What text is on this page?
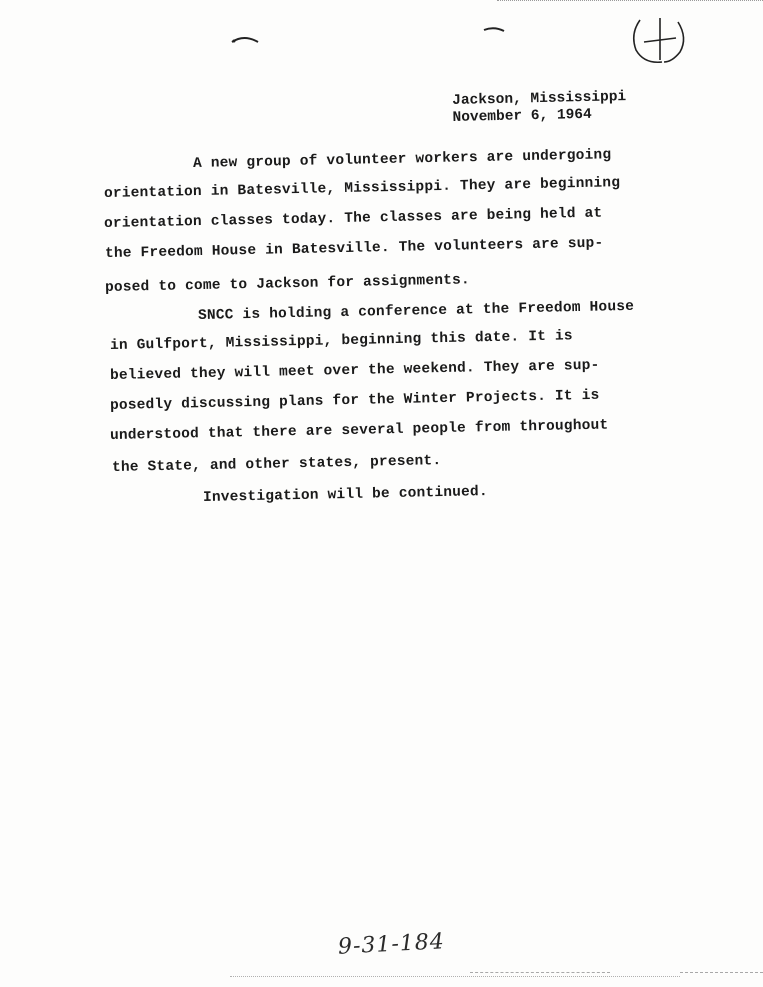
Jackson, Mississippi
November 6, 1964
A new group of volunteer workers are undergoing
orientation in Batesville, Mississippi. They are beginning
orientation classes today. The classes are being held at
the Freedom House in Batesville. The volunteers are sup-
posed to come to Jackson for assignments.
SNCC is holding a conference at the Freedom House
in Gulfport, Mississippi, beginning this date. It is
believed they will meet over the weekend. They are sup-
posedly discussing plans for the Winter Projects. It is
understood that there are several people from throughout
the State, and other states, present.
Investigation will be continued.
9-31-184
